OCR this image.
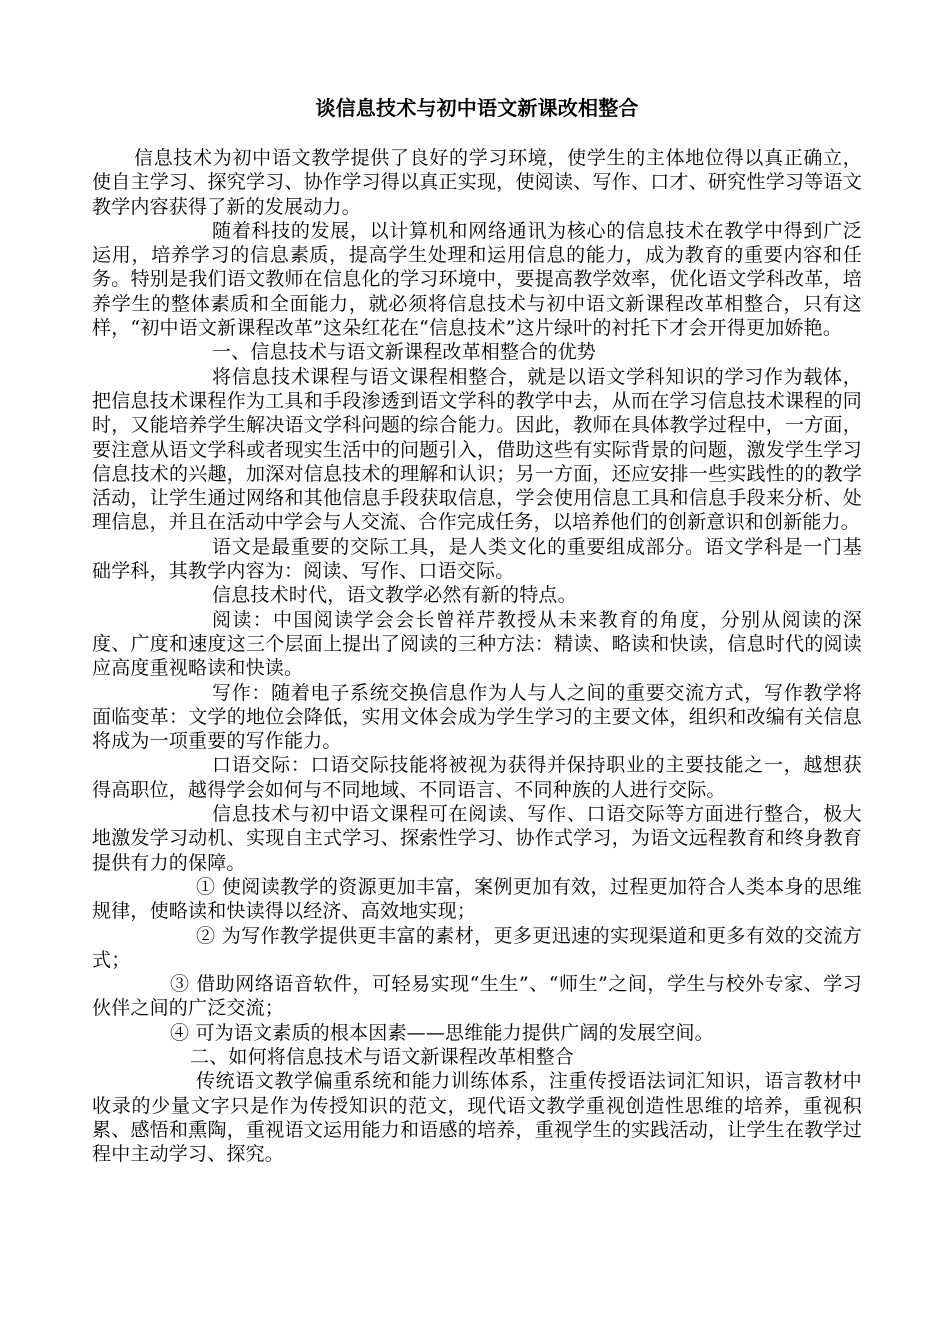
谈信息技术与初中语文新课改相整合

信息技术为初中语文教学提供了良好的学习环境，使学生的主体地位得以真正确立，使自主学习、探究学习、协作学习得以真正实现，使阅读、写作、口才、研究性学习等语文教学内容获得了新的发展动力。

随着科技的发展，以计算机和网络通讯为核心的信息技术在教学中得到广泛运用，培养学习的信息素质，提高学生处理和运用信息的能力，成为教育的重要内容和任务。特别是我们语文教师在信息化的学习环境中，要提高教学效率，优化语文学科改革，培养学生的整体素质和全面能力，就必须将信息技术与初中语文新课程改革相整合，只有这样，“初中语文新课程改革”这朵红花在“信息技术”这片绿叶的衬托下才会开得更加娇艳。

一、信息技术与语文新课程改革相整合的优势

将信息技术课程与语文课程相整合，就是以语文学科知识的学习作为载体，把信息技术课程作为工具和手段渗透到语文学科的教学中去，从而在学习信息技术课程的同时，又能培养学生解决语文学科问题的综合能力。因此，教师在具体教学过程中，一方面，要注意从语文学科或者现实生活中的问题引入，借助这些有实际背景的问题，激发学生学习信息技术的兴趣，加深对信息技术的理解和认识；另一方面，还应安排一些实践性的的教学活动，让学生通过网络和其他信息手段获取信息，学会使用信息工具和信息手段来分析、处理信息，并且在活动中学会与人交流、合作完成任务，以培养他们的创新意识和创新能力。

语文是最重要的交际工具，是人类文化的重要组成部分。语文学科是一门基础学科，其教学内容为：阅读、写作、口语交际。

信息技术时代，语文教学必然有新的特点。

阅读：中国阅读学会会长曾祥芹教授从未来教育的角度，分别从阅读的深度、广度和速度这三个层面上提出了阅读的三种方法：精读、略读和快读，信息时代的阅读应高度重视略读和快读。

写作：随着电子系统交换信息作为人与人之间的重要交流方式，写作教学将面临变革：文学的地位会降低，实用文体会成为学生学习的主要文体，组织和改编有关信息将成为一项重要的写作能力。

口语交际：口语交际技能将被视为获得并保持职业的主要技能之一，越想获得高职位，越得学会如何与不同地域、不同语言、不同种族的人进行交际。

信息技术与初中语文课程可在阅读、写作、口语交际等方面进行整合，极大地激发学习动机、实现自主式学习、探索性学习、协作式学习，为语文远程教育和终身教育提供有力的保障。

① 使阅读教学的资源更加丰富，案例更加有效，过程更加符合人类本身的思维规律，使略读和快读得以经济、高效地实现；

② 为写作教学提供更丰富的素材，更多更迅速的实现渠道和更多有效的交流方式；

③ 借助网络语音软件，可轻易实现“生生”、“师生”之间，学生与校外专家、学习伙伴之间的广泛交流；

④ 可为语文素质的根本因素——思维能力提供广阔的发展空间。

二、如何将信息技术与语文新课程改革相整合

传统语文教学偏重系统和能力训练体系，注重传授语法词汇知识，语言教材中收录的少量文字只是作为传授知识的范文，现代语文教学重视创造性思维的培养，重视积累、感悟和熏陶，重视语文运用能力和语感的培养，重视学生的实践活动，让学生在教学过程中主动学习、探究。
